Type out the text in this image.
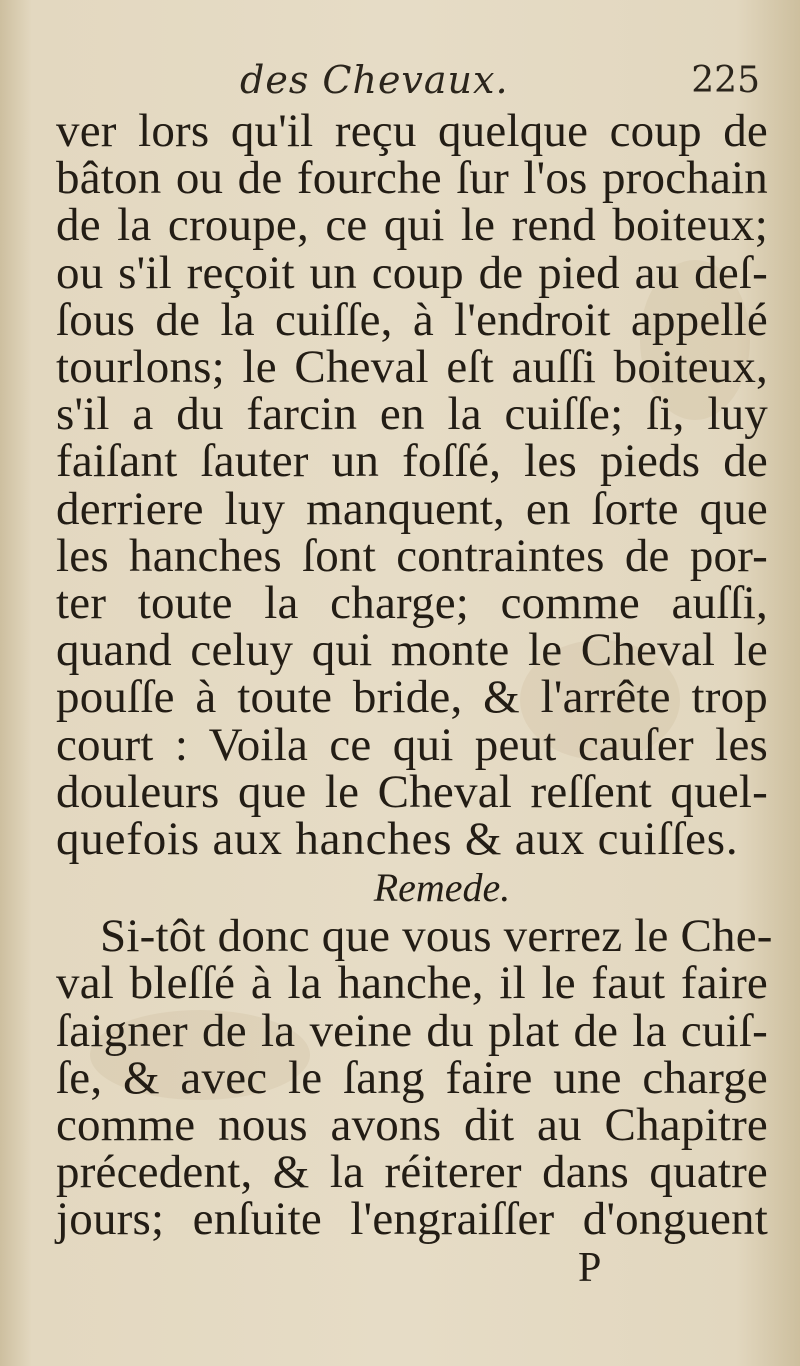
des Chevaux.	225
ver lors qu'il reçu quelque coup de
bâton ou de fourche ſur l'os prochain
de la croupe, ce qui le rend boiteux;
ou s'il reçoit un coup de pied au deſ-
ſous de la cuiſſe, à l'endroit appellé
tourlons; le Cheval eſt auſſi boiteux,
s'il a du farcin en la cuiſſe; ſi, luy
faiſant ſauter un foſſé, les pieds de
derriere luy manquent, en ſorte que
les hanches ſont contraintes de por-
ter toute la charge; comme auſſi,
quand celuy qui monte le Cheval le
pouſſe à toute bride, & l'arrête trop
court : Voila ce qui peut cauſer les
douleurs que le Cheval reſſent quel-
quefois aux hanches & aux cuiſſes.
Remede.
Si-tôt donc que vous verrez le Che-
val bleſſé à la hanche, il le faut faire
ſaigner de la veine du plat de la cuiſ-
ſe, & avec le ſang faire une charge
comme nous avons dit au Chapitre
précedent, & la réiterer dans quatre
jours; enſuite l'engraiſſer d'onguent
P
